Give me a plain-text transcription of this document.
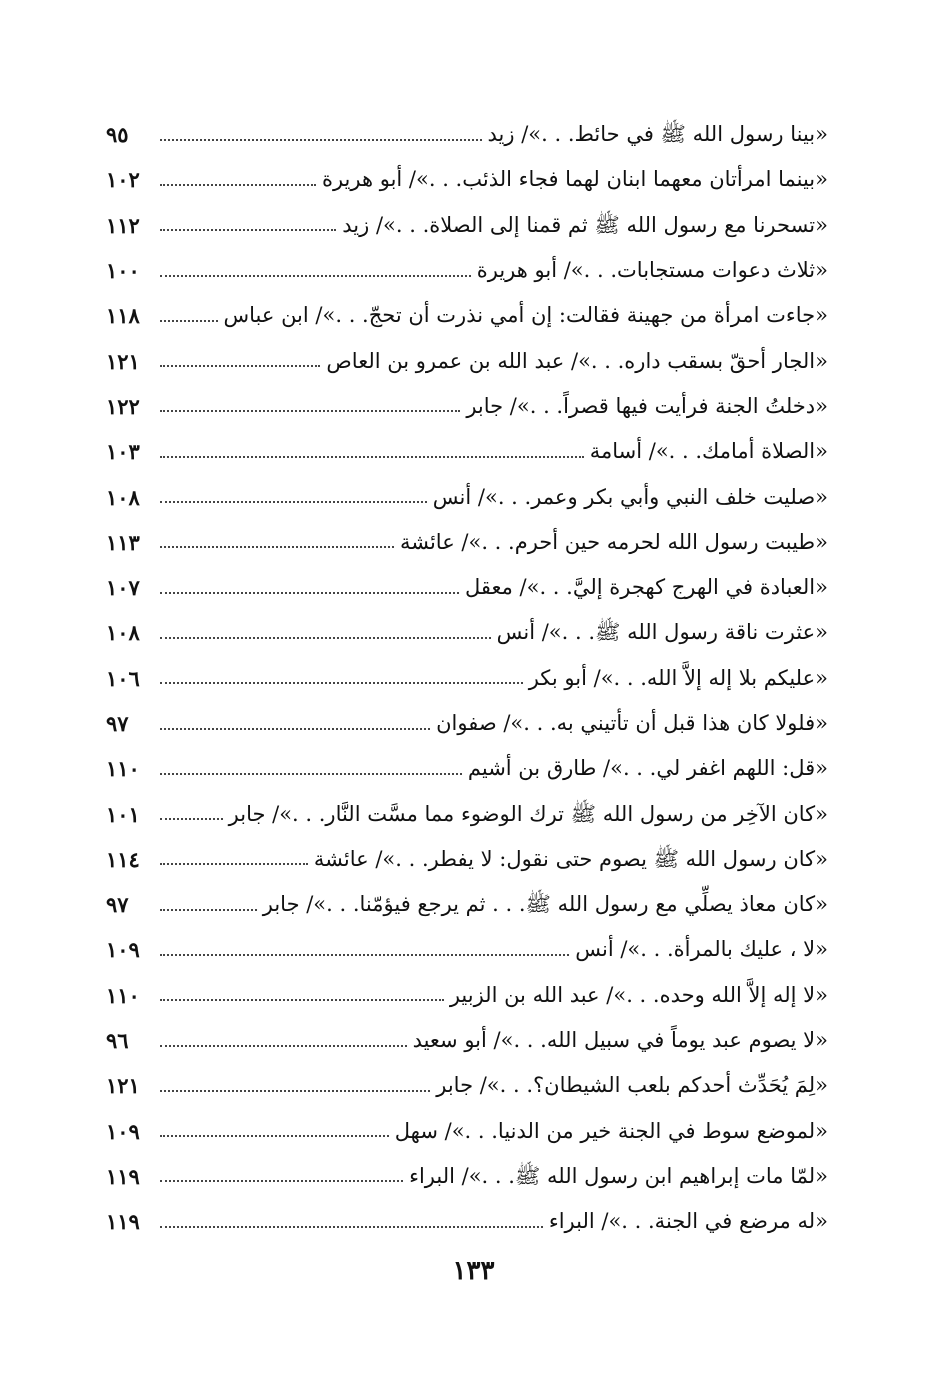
«بينا رسول الله ﷺ في حائط. . .»/ زيد
٩٥
«بينما امرأتان معهما ابنان لهما فجاء الذئب. . .»/ أبو هريرة
١٠٢
«تسحرنا مع رسول الله ﷺ ثم قمنا إلى الصلاة. . .»/ زيد
١١٢
«ثلاث دعوات مستجابات. . .»/ أبو هريرة
١٠٠
«جاءت امرأة من جهينة فقالت: إن أمي نذرت أن تحجّ. . .»/ ابن عباس
١١٨
«الجار أحقّ بسقب داره. . .»/ عبد الله بن عمرو بن العاص
١٢١
«دخلتُ الجنة فرأيت فيها قصراً. . .»/ جابر
١٢٢
«الصلاة أمامك. . .»/ أسامة
١٠٣
«صليت خلف النبي وأبي بكر وعمر. . .»/ أنس
١٠٨
«طيبت رسول الله لحرمه حين أحرم. . .»/ عائشة
١١٣
«العبادة في الهرج كهجرة إليَّ. . .»/ معقل
١٠٧
«عثرت ناقة رسول الله ﷺ. . .»/ أنس
١٠٨
«عليكم بلا إله إلاَّ الله. . .»/ أبو بكر
١٠٦
«فلولا كان هذا قبل أن تأتيني به. . .»/ صفوان
٩٧
«قل: اللهم اغفر لي. . .»/ طارق بن أشيم
١١٠
«كان الآخِر من رسول الله ﷺ ترك الوضوء مما مسَّت النَّار. . .»/ جابر
١٠١
«كان رسول الله ﷺ يصوم حتى نقول: لا يفطر. . .»/ عائشة
١١٤
«كان معاذ يصلِّي مع رسول الله ﷺ. . . ثم يرجع فيؤمّنا. . .»/ جابر
٩٧
«لا ، عليك بالمرأة. . .»/ أنس
١٠٩
«لا إله إلاَّ الله وحده. . .»/ عبد الله بن الزبير
١١٠
«لا يصوم عبد يوماً في سبيل الله. . .»/ أبو سعيد
٩٦
«لِمَ يُحَدِّث أحدكم بلعب الشيطان؟. . .»/ جابر
١٢١
«لموضع سوط في الجنة خير من الدنيا. . .»/ سهل
١٠٩
«لمّا مات إبراهيم ابن رسول الله ﷺ. . .»/ البراء
١١٩
«له مرضع في الجنة. . .»/ البراء
١١٩
١٣٣
